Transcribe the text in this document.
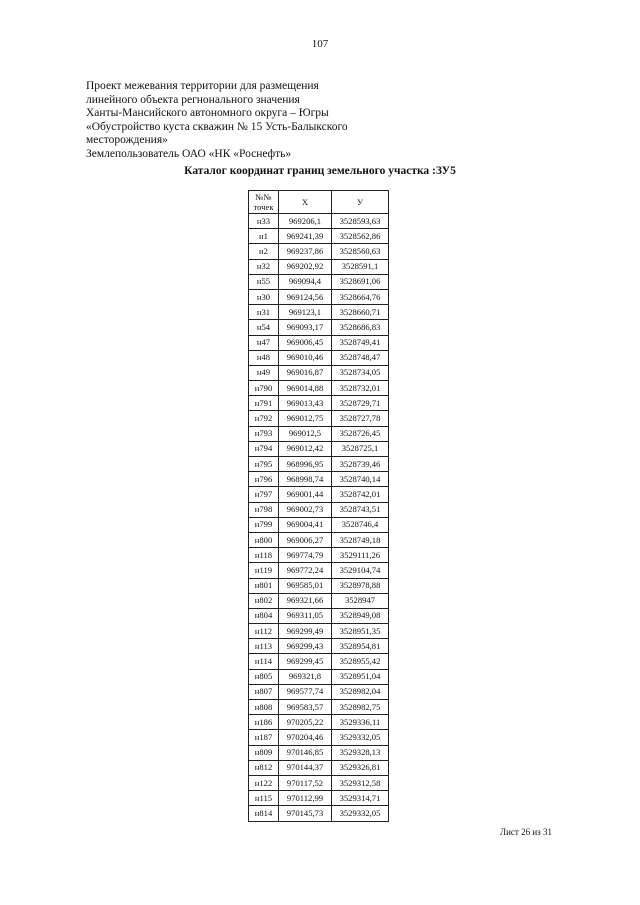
107
Проект межевания территории для размещения
линейного объекта регнонального значения
Ханты-Мансийского автономного округа – Югры
«Обустройство куста скважин № 15 Усть-Балыкского
месторождения»
Землепользователь ОАО «НК «Роснефть»
Каталог координат границ земельного участка :ЗУ5
№№ точек	X	У
н33	969206,1	3528593,63
н1	969241,39	3528562,86
н2	969237,86	3528560,63
н32	969202,92	3528591,1
н55	969094,4	3528691,06
н30	969124,56	3528664,76
н31	969123,1	3528660,71
н54	969093,17	3528686,83
н47	969006,45	3528749,41
н48	969010,46	3528748,47
н49	969016,87	3528734,05
н790	969014,88	3528732,01
н791	969013,43	3528729,71
н792	969012,75	3528727,78
н793	969012,5	3528726,45
н794	969012,42	3528725,1
н795	968996,95	3528739,46
н796	968998,74	3528740,14
н797	969001,44	3528742,01
н798	969002,73	3528743,51
н799	969004,41	3528746,4
н800	969006,27	3528749,18
н118	969774,79	3529111,26
н119	969772,24	3529104,74
н801	969585,01	3528978,88
н802	969321,66	3528947
н804	969311,05	3528949,08
н112	969299,49	3528951,35
н113	969299,43	3528954,81
н114	969299,45	3528955,42
н805	969321,8	3528951,04
н807	969577,74	3528982,04
н808	969583,57	3528982,75
н186	970205,22	3529336,11
н187	970204,46	3529332,05
н809	970146,85	3529328,13
н812	970144,37	3529326,81
н122	970117,52	3529312,58
н115	970112,99	3529314,71
н814	970145,73	3529332,05
Лист 26 из 31
